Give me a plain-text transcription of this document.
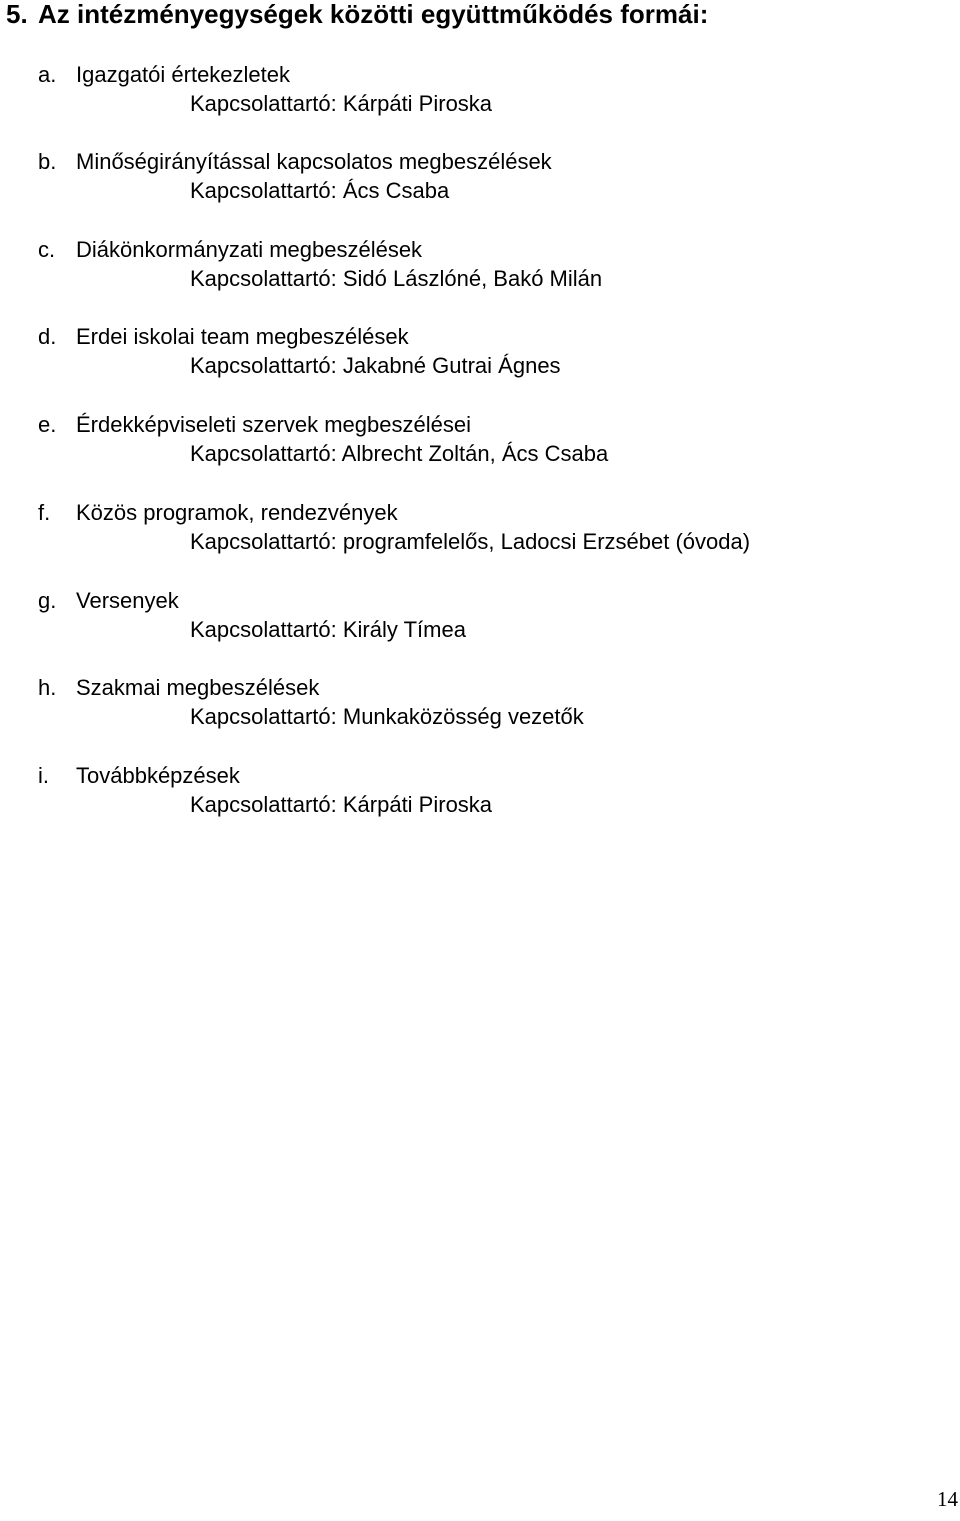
5. Az intézményegységek közötti együttműködés formái:
a. Igazgatói értekezletek
Kapcsolattartó: Kárpáti Piroska
b. Minőségirányítással kapcsolatos megbeszélések
Kapcsolattartó: Ács Csaba
c. Diákönkormányzati megbeszélések
Kapcsolattartó: Sidó Lászlóné, Bakó Milán
d. Erdei iskolai team megbeszélések
Kapcsolattartó: Jakabné Gutrai Ágnes
e. Érdekképviseleti szervek megbeszélései
Kapcsolattartó: Albrecht Zoltán, Ács Csaba
f. Közös programok, rendezvények
Kapcsolattartó: programfelelős, Ladocsi Erzsébet (óvoda)
g. Versenyek
Kapcsolattartó: Király Tímea
h. Szakmai megbeszélések
Kapcsolattartó: Munkaközösség vezetők
i. Továbbképzések
Kapcsolattartó: Kárpáti Piroska
14
